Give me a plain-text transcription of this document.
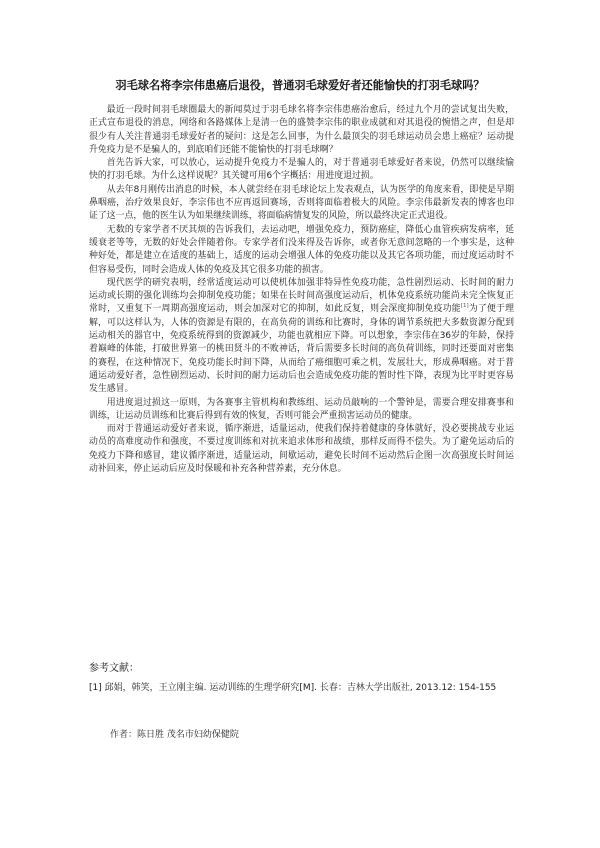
羽毛球名将李宗伟患癌后退役，普通羽毛球爱好者还能愉快的打羽毛球吗？

最近一段时间羽毛球圈最大的新闻莫过于羽毛球名将李宗伟患癌治愈后，经过九个月的尝试复出失败，正式宣布退役的消息，网络和各路媒体上是清一色的盛赞李宗伟的职业成就和对其退役的惋惜之声，但是却很少有人关注普通羽毛球爱好者的疑问：这是怎么回事，为什么最顶尖的羽毛球运动员会患上癌症？运动提升免疫力是不是骗人的，到底咱们还能不能愉快的打羽毛球啊？

首先告诉大家，可以放心，运动提升免疫力不是骗人的，对于普通羽毛球爱好者来说，仍然可以继续愉快的打羽毛球。为什么这样说呢？其关键可用6个字概括：用进度退过损。

从去年8月刚传出消息的时候，本人就尝经在羽毛球论坛上发表观点，认为医学的角度来看，即使是早期鼻咽癌，治疗效果良好，李宗伟也不应再返回赛场，否则将面临着极大的风险。李宗伟最新发表的博客也印证了这一点，他的医生认为如果继续训练，将面临病情复发的风险，所以最终决定正式退役。

无数的专家学者不厌其烦的告诉我们，去运动吧，增强免疫力，预防癌症，降低心血管疾病发病率，延缓衰老等等，无数的好处会伴随着你。专家学者们没来得及告诉你，或者你无意间忽略的一个事实是，这种种好处，都是建立在适度的基础上，适度的运动会增强人体的免疫功能以及其它各项功能，而过度运动时不但容易受伤，同时会造成人体的免疫及其它很多功能的损害。

现代医学的研究表明，经常适度运动可以使机体加强非特异性免疫功能，急性剧烈运动、长时间的耐力运动或长期的强化训练均会抑制免疫功能；如果在长时间高强度运动后，机体免疫系统功能尚未完全恢复正常时，又重复下一周期高强度运动，则会加深对它的抑制，如此反复，则会深度抑制免疫功能[1]为了便于理解，可以这样认为，人体的资源是有限的，在高负荷的训练和比赛时，身体的调节系统把大多数资源分配到运动相关的器官中，免疫系统得到的资源减少，功能也就相应下降。可以想象，李宗伟在36岁的年龄，保持着巅峰的体能，打破世界第一的桃田贤斗的不败神话，背后需要多长时间的高负荷训练，同时还要面对密集的赛程，在这种情况下，免疫功能长时间下降，从而给了癌细胞可乘之机，发展壮大，形成鼻咽癌。对于普通运动爱好者，急性剧烈运动、长时间的耐力运动后也会造成免疫功能的暂时性下降，表现为比平时更容易发生感冒。

用进度退过损这一原则，为各赛事主管机构和教练组、运动员敲响的一个警钟是，需要合理安排赛事和训练，让运动员训练和比赛后得到有效的恢复，否则可能会严重损害运动员的健康。

而对于普通运动爱好者来说，循序渐进，适量运动，使我们保持着健康的身体就好，没必要挑战专业运动员的高难度动作和强度，不要过度训练和对抗来追求体形和战绩，那样反而得不偿失。为了避免运动后的免疫力下降和感冒，建议循序渐进，适量运动，间歇运动，避免长时间不运动然后企图一次高强度长时间运动补回来，停止运动后应及时保暖和补充各种营养素，充分休息。

参考文献：
[1] 邱娟，韩笑，王立刚主编. 运动训练的生理学研究[M]. 长春：吉林大学出版社, 2013.12: 154-155
作者：陈日胜 茂名市妇幼保健院
